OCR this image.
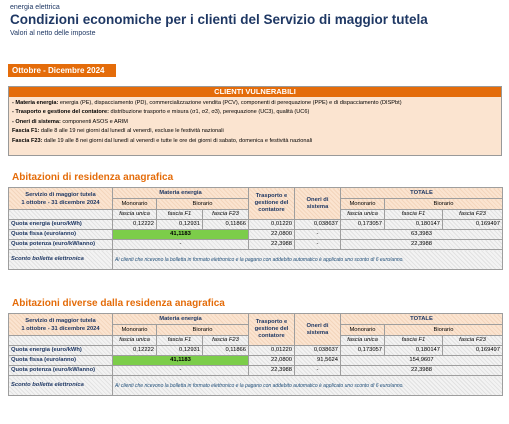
energia elettrica
Condizioni economiche per i clienti del Servizio di maggior tutela
Valori al netto delle imposte
Ottobre - Dicembre 2024
CLIENTI VULNERABILI
- Materia energia: energia (PE), dispacciamento (PD), commercializzazione vendita (PCV), componenti di perequazione (PPE) e di dispacciamento (DISPbt)
- Trasporto e gestione del contatore: distribuzione trasporto e misura (σ1, σ2, σ3), perequazione (UC3), qualità (UC6)
- Oneri di sistema: componenti ASOS e ARIM
Fascia F1: dalle 8 alle 19 nei giorni dal lunedì al venerdì, escluse le festività nazionali
Fascia F23: dalle 19 alle 8 nei giorni dal lunedì al venerdì e tutte le ore dei giorni di sabato, domenica e festività nazionali
Abitazioni di residenza anagrafica
Servizio di maggior tutela
1 ottobre - 31 dicembre 2024	Materia energia			Trasporto e gestione del contatore	Oneri di sistema	TOTALE		
	Monorario	Biorario				Monorario	Biorario	
	fascia unica	fascia F1	fascia F23			fascia unica	fascia F1	fascia F23
Quota energia (euro/kWh)	0,12222	0,12931	0,11866	0,01220	0,038637	0,173057	0,180147	0,169497
Quota fissa (euro/anno)	41,1183			22,0800	-	63,3983		
Quota potenza (euro/kW/anno)	-			22,3988	-	22,3988		
Sconto bolletta elettronica	Ai clienti che ricevono la bolletta in formato elettronico e la pagano con addebito automatico è applicato uno sconto di 6 euro/anno.							
Abitazioni diverse dalla residenza anagrafica
Servizio di maggior tutela
1 ottobre - 31 dicembre 2024	Materia energia			Trasporto e gestione del contatore	Oneri di sistema	TOTALE		
	Monorario	Biorario				Monorario	Biorario	
	fascia unica	fascia F1	fascia F23			fascia unica	fascia F1	fascia F23
Quota energia (euro/kWh)	0,12222	0,12931	0,11866	0,01220	0,038637	0,173057	0,180147	0,169497
Quota fissa (euro/anno)	41,1183			22,0800	91,5624	154,9607		
Quota potenza (euro/kW/anno)	-			22,3988	-	22,3988		
Sconto bolletta elettronica	Ai clienti che ricevono la bolletta in formato elettronico e la pagano con addebito automatico è applicato uno sconto di 6 euro/anno.							
